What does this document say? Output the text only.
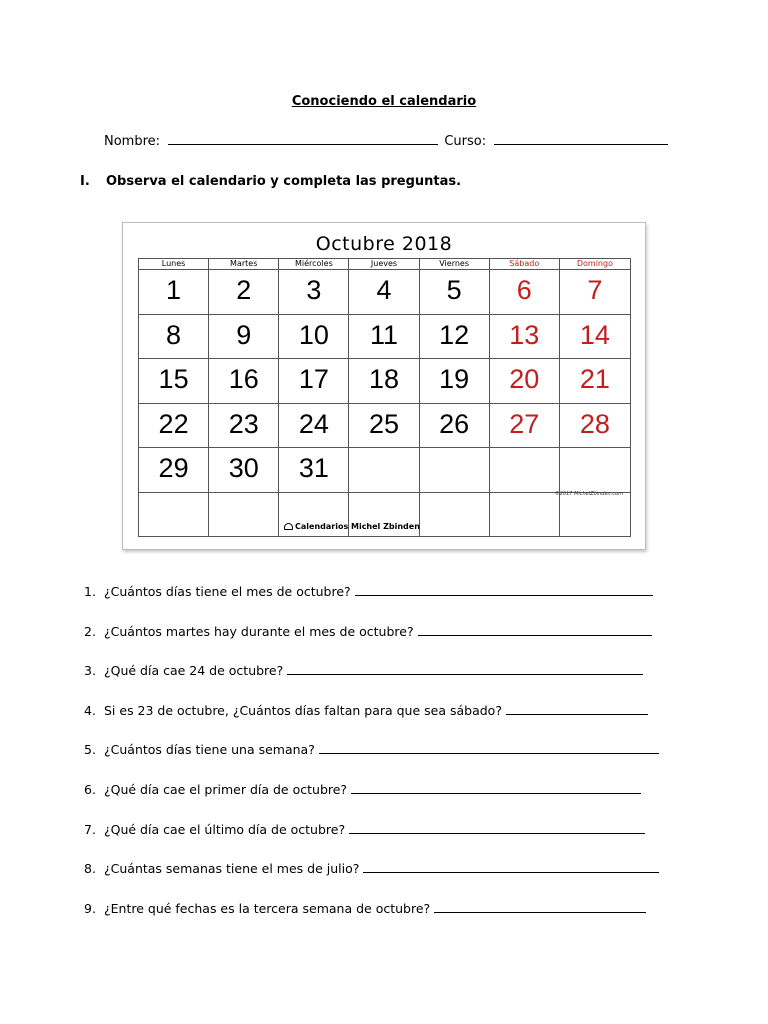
Conociendo el calendario
Nombre:	Curso:
I. Observa el calendario y completa las preguntas.
Octubre 2018
Lunes	Martes	Miércoles	Jueves	Viernes	Sábado	Domingo
1	2	3	4	5	6	7
8	9	10	11	12	13	14
15	16	17	18	19	20	21
22	23	24	25	26	27	28
29	30	31
©2017 MichelZbinden.com
Calendarios Michel Zbinden
1. ¿Cuántos días tiene el mes de octubre?
2. ¿Cuántos martes hay durante el mes de octubre?
3. ¿Qué día cae 24 de octubre?
4. Si es 23 de octubre, ¿Cuántos días faltan para que sea sábado?
5. ¿Cuántos días tiene una semana?
6. ¿Qué día cae el primer día de octubre?
7. ¿Qué día cae el último día de octubre?
8. ¿Cuántas semanas tiene el mes de julio?
9. ¿Entre qué fechas es la tercera semana de octubre?
